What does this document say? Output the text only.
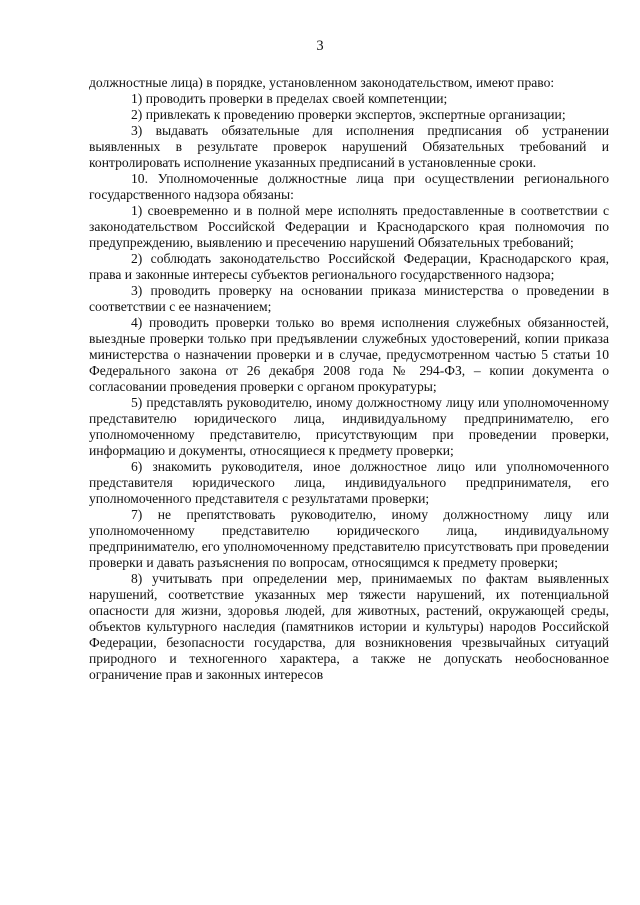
3

должностные лица) в порядке, установленном законодательством, имеют право:

1) проводить проверки в пределах своей компетенции;

2) привлекать к проведению проверки экспертов, экспертные организации;

3) выдавать обязательные для исполнения предписания об устранении выявленных в результате проверок нарушений Обязательных требований и контролировать исполнение указанных предписаний в установленные сроки.

10. Уполномоченные должностные лица при осуществлении регионального государственного надзора обязаны:

1) своевременно и в полной мере исполнять предоставленные в соответствии с законодательством Российской Федерации и Краснодарского края полномочия по предупреждению, выявлению и пресечению нарушений Обязательных требований;

2) соблюдать законодательство Российской Федерации, Краснодарского края, права и законные интересы субъектов регионального государственного надзора;

3) проводить проверку на основании приказа министерства о проведении в соответствии с ее назначением;

4) проводить проверки только во время исполнения служебных обязанностей, выездные проверки только при предъявлении служебных удостоверений, копии приказа министерства о назначении проверки и в случае, предусмотренном частью 5 статьи 10 Федерального закона от 26 декабря 2008 года № 294-ФЗ, – копии документа о согласовании проведения проверки с органом прокуратуры;

5) представлять руководителю, иному должностному лицу или уполномоченному представителю юридического лица, индивидуальному предпринимателю, его уполномоченному представителю, присутствующим при проведении проверки, информацию и документы, относящиеся к предмету проверки;

6) знакомить руководителя, иное должностное лицо или уполномоченного представителя юридического лица, индивидуального предпринимателя, его уполномоченного представителя с результатами проверки;

7) не препятствовать руководителю, иному должностному лицу или уполномоченному представителю юридического лица, индивидуальному предпринимателю, его уполномоченному представителю присутствовать при проведении проверки и давать разъяснения по вопросам, относящимся к предмету проверки;

8) учитывать при определении мер, принимаемых по фактам выявленных нарушений, соответствие указанных мер тяжести нарушений, их потенциальной опасности для жизни, здоровья людей, для животных, растений, окружающей среды, объектов культурного наследия (памятников истории и культуры) народов Российской Федерации, безопасности государства, для возникновения чрезвычайных ситуаций природного и техногенного характера, а также не допускать необоснованное ограничение прав и законных интересов
